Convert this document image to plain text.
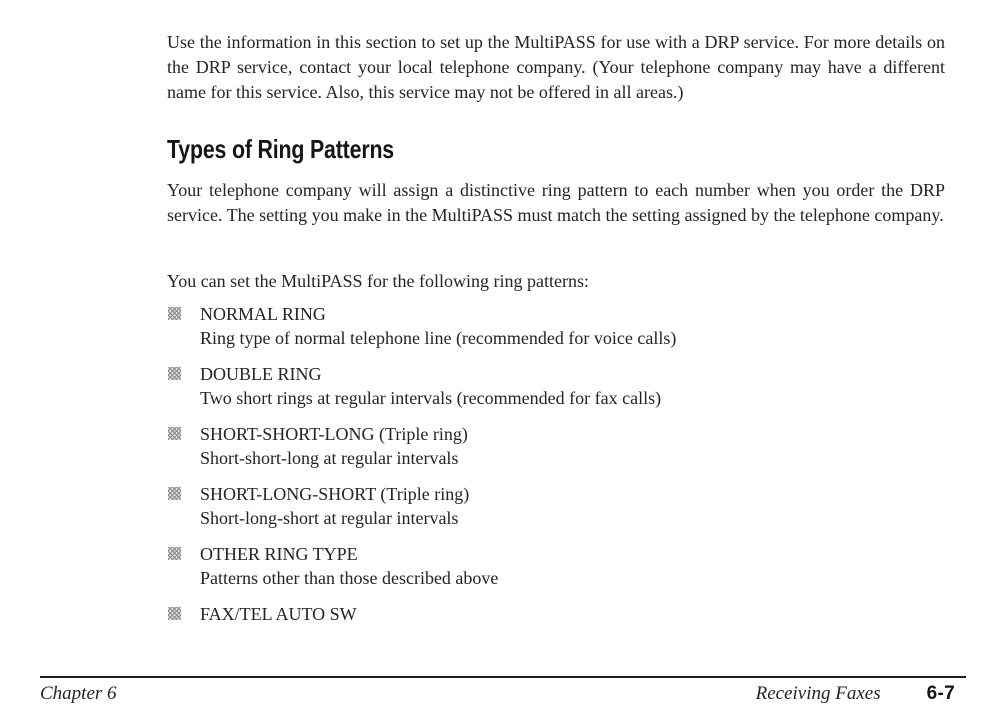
Use the information in this section to set up the MultiPASS for use with a DRP service. For more details on the DRP service, contact your local telephone company. (Your telephone company may have a different name for this service. Also, this service may not be offered in all areas.)

Types of Ring Patterns

Your telephone company will assign a distinctive ring pattern to each number when you order the DRP service. The setting you make in the MultiPASS must match the setting assigned by the telephone company.

You can set the MultiPASS for the following ring patterns:

NORMAL RING
Ring type of normal telephone line (recommended for voice calls)
DOUBLE RING
Two short rings at regular intervals (recommended for fax calls)
SHORT-SHORT-LONG (Triple ring)
Short-short-long at regular intervals
SHORT-LONG-SHORT (Triple ring)
Short-long-short at regular intervals
OTHER RING TYPE
Patterns other than those described above
FAX/TEL AUTO SW
Chapter 6	Receiving Faxes 6-7
